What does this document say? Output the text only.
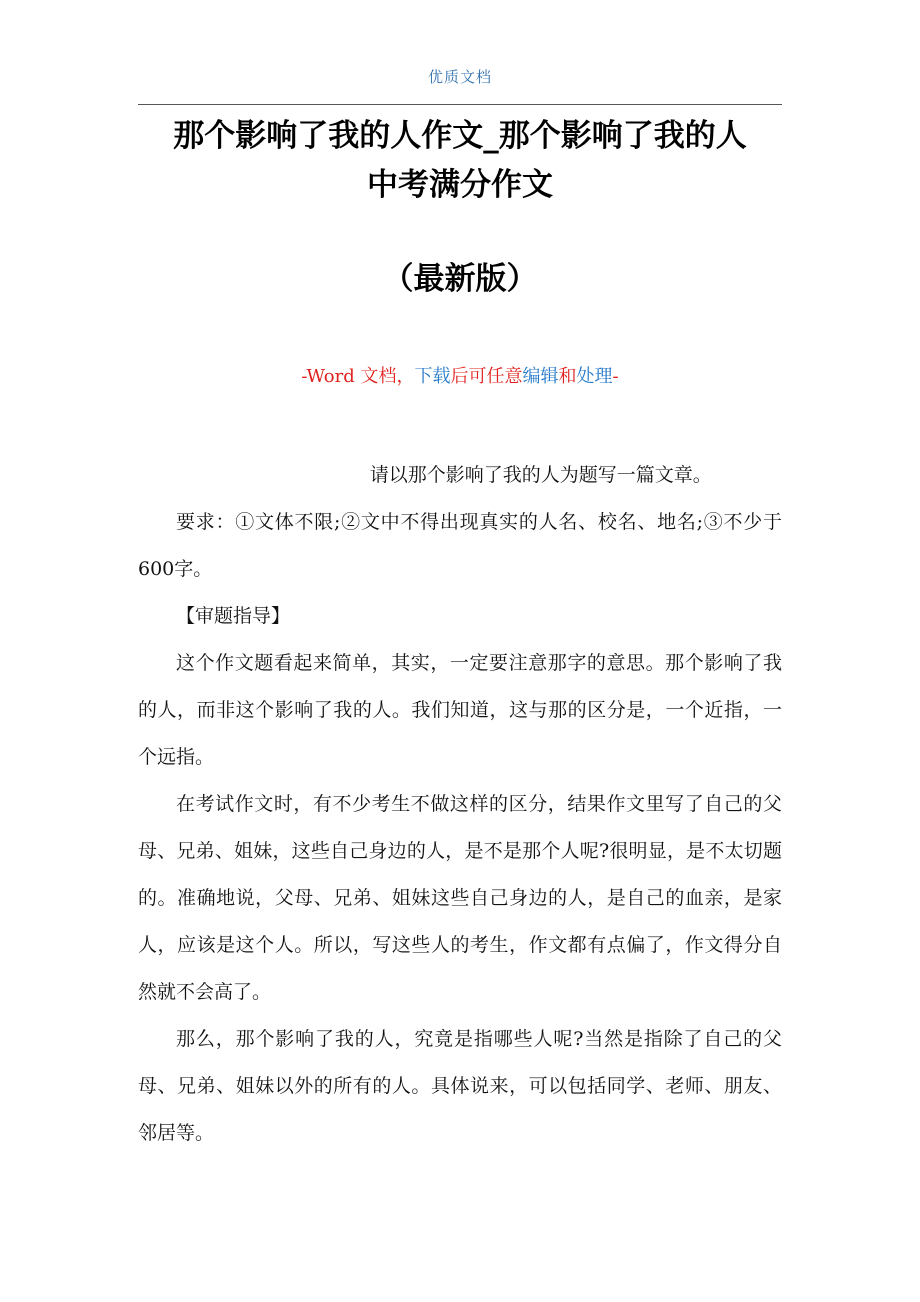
优质文档
那个影响了我的人作文_那个影响了我的人
中考满分作文
（最新版）
-Word 文档，下载后可任意编辑和处理-

请以那个影响了我的人为题写一篇文章。

要求：①文体不限;②文中不得出现真实的人名、校名、地名;③不少于600字。

【审题指导】

这个作文题看起来简单，其实，一定要注意那字的意思。那个影响了我的人，而非这个影响了我的人。我们知道，这与那的区分是，一个近指，一个远指。

在考试作文时，有不少考生不做这样的区分，结果作文里写了自己的父母、兄弟、姐妹，这些自己身边的人，是不是那个人呢?很明显，是不太切题的。准确地说，父母、兄弟、姐妹这些自己身边的人，是自己的血亲，是家人，应该是这个人。所以，写这些人的考生，作文都有点偏了，作文得分自然就不会高了。

那么，那个影响了我的人，究竟是指哪些人呢?当然是指除了自己的父母、兄弟、姐妹以外的所有的人。具体说来，可以包括同学、老师、朋友、邻居等。
